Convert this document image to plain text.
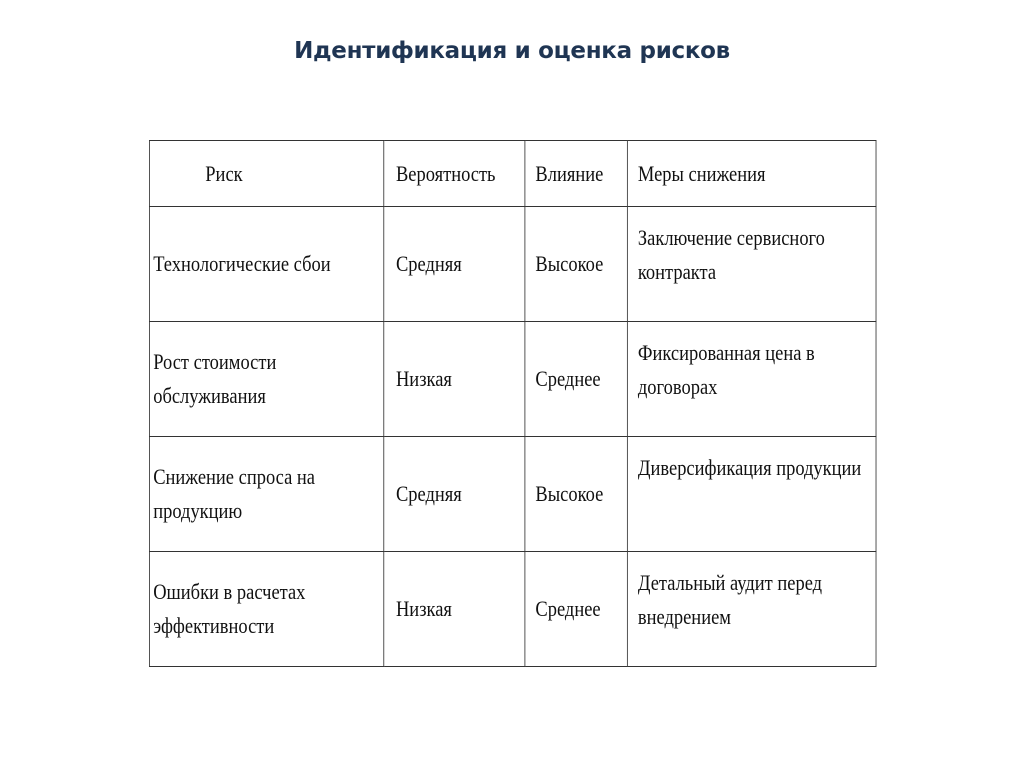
Идентификация и оценка рисков
Риск	Вероятность	Влияние	Меры снижения
Технологические сбои	Средняя	Высокое	Заключение сервисного контракта
Рост стоимости обслуживания	Низкая	Среднее	Фиксированная цена в договорах
Снижение спроса на продукцию	Средняя	Высокое	Диверсификация продукции
Ошибки в расчетах эффективности	Низкая	Среднее	Детальный аудит перед внедрением
